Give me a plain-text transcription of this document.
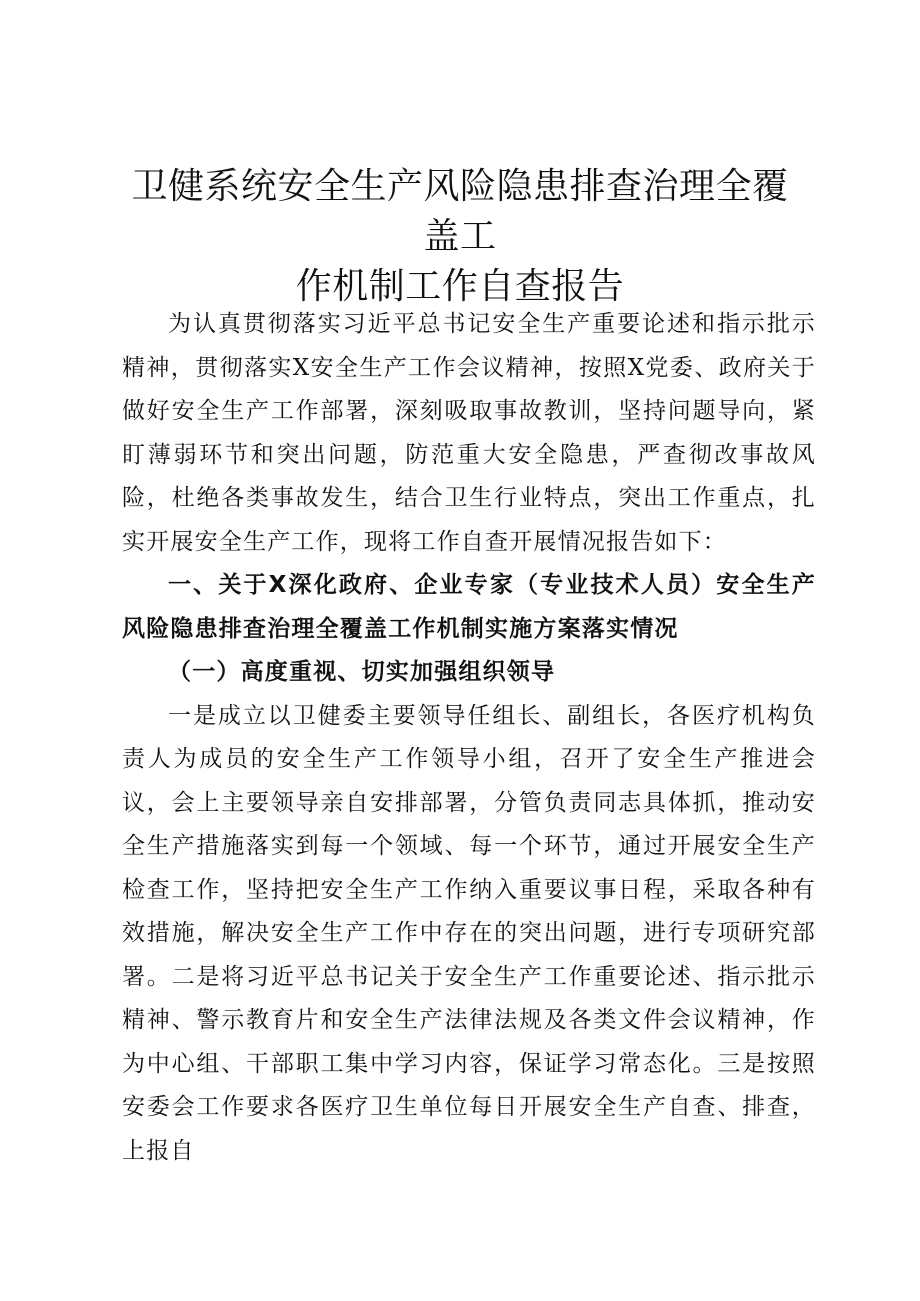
卫健系统安全生产风险隐患排查治理全覆盖工
作机制工作自查报告

为认真贯彻落实习近平总书记安全生产重要论述和指示批示精神，贯彻落实X安全生产工作会议精神，按照X党委、政府关于做好安全生产工作部署，深刻吸取事故教训，坚持问题导向，紧盯薄弱环节和突出问题，防范重大安全隐患，严查彻改事故风险，杜绝各类事故发生，结合卫生行业特点，突出工作重点，扎实开展安全生产工作，现将工作自查开展情况报告如下：

一、关于X深化政府、企业专家（专业技术人员）安全生产风险隐患排查治理全覆盖工作机制实施方案落实情况

（一）高度重视、切实加强组织领导

一是成立以卫健委主要领导任组长、副组长，各医疗机构负责人为成员的安全生产工作领导小组，召开了安全生产推进会议，会上主要领导亲自安排部署，分管负责同志具体抓，推动安全生产措施落实到每一个领域、每一个环节，通过开展安全生产检查工作，坚持把安全生产工作纳入重要议事日程，采取各种有效措施，解决安全生产工作中存在的突出问题，进行专项研究部署。二是将习近平总书记关于安全生产工作重要论述、指示批示精神、警示教育片和安全生产法律法规及各类文件会议精神，作为中心组、干部职工集中学习内容，保证学习常态化。三是按照安委会工作要求各医疗卫生单位每日开展安全生产自查、排查，上报自
